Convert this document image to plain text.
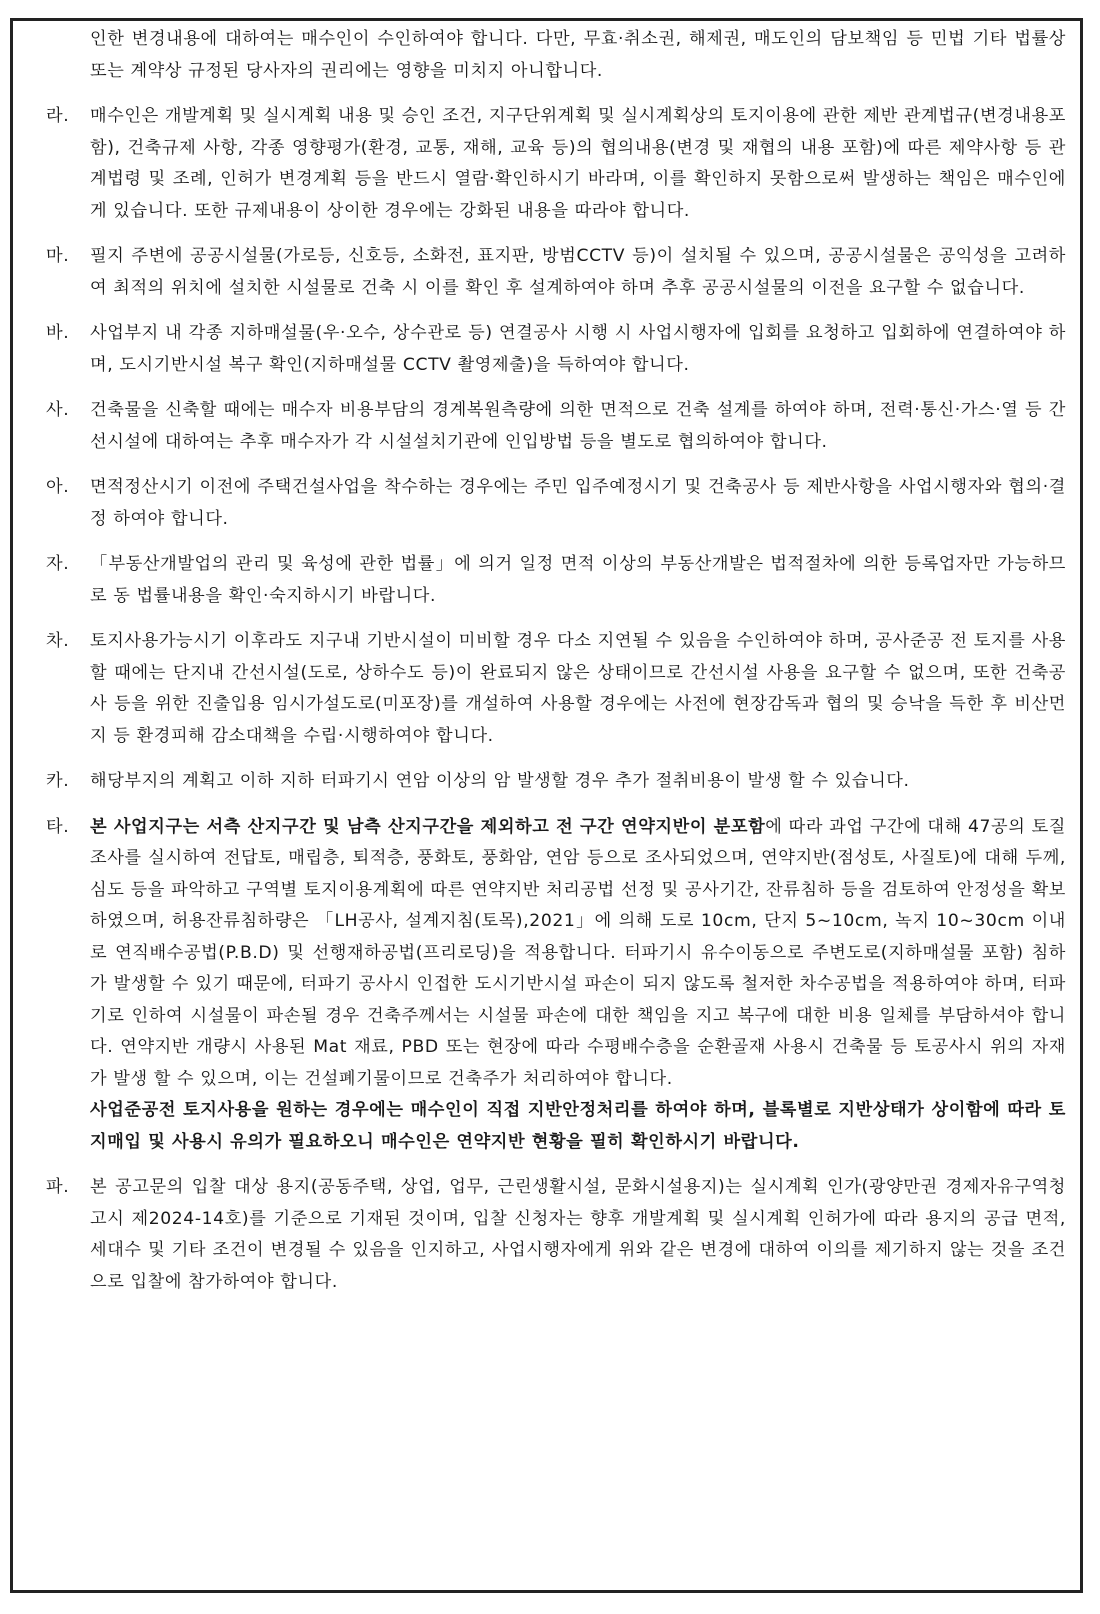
인한 변경내용에 대하여는 매수인이 수인하여야 합니다. 다만, 무효·취소권, 해제권, 매도인의 담보책임 등 민법 기타 법률상 또는 계약상 규정된 당사자의 권리에는 영향을 미치지 아니합니다.
라.	매수인은 개발계획 및 실시계획 내용 및 승인 조건, 지구단위계획 및 실시계획상의 토지이용에 관한 제반 관계법규(변경내용포함), 건축규제 사항, 각종 영향평가(환경, 교통, 재해, 교육 등)의 협의내용(변경 및 재협의 내용 포함)에 따른 제약사항 등 관계법령 및 조례, 인허가 변경계획 등을 반드시 열람·확인하시기 바라며, 이를 확인하지 못함으로써 발생하는 책임은 매수인에게 있습니다. 또한 규제내용이 상이한 경우에는 강화된 내용을 따라야 합니다.
마.	필지 주변에 공공시설물(가로등, 신호등, 소화전, 표지판, 방범CCTV 등)이 설치될 수 있으며, 공공시설물은 공익성을 고려하여 최적의 위치에 설치한 시설물로 건축 시 이를 확인 후 설계하여야 하며 추후 공공시설물의 이전을 요구할 수 없습니다.
바.	사업부지 내 각종 지하매설물(우·오수, 상수관로 등) 연결공사 시행 시 사업시행자에 입회를 요청하고 입회하에 연결하여야 하며, 도시기반시설 복구 확인(지하매설물 CCTV 촬영제출)을 득하여야 합니다.
사.	건축물을 신축할 때에는 매수자 비용부담의 경계복원측량에 의한 면적으로 건축 설계를 하여야 하며, 전력·통신·가스·열 등 간선시설에 대하여는 추후 매수자가 각 시설설치기관에 인입방법 등을 별도로 협의하여야 합니다.
아.	면적정산시기 이전에 주택건설사업을 착수하는 경우에는 주민 입주예정시기 및 건축공사 등 제반사항을 사업시행자와 협의·결정 하여야 합니다.
자.	「부동산개발업의 관리 및 육성에 관한 법률」에 의거 일정 면적 이상의 부동산개발은 법적절차에 의한 등록업자만 가능하므로 동 법률내용을 확인·숙지하시기 바랍니다.
차.	토지사용가능시기 이후라도 지구내 기반시설이 미비할 경우 다소 지연될 수 있음을 수인하여야 하며, 공사준공 전 토지를 사용할 때에는 단지내 간선시설(도로, 상하수도 등)이 완료되지 않은 상태이므로 간선시설 사용을 요구할 수 없으며, 또한 건축공사 등을 위한 진출입용 임시가설도로(미포장)를 개설하여 사용할 경우에는 사전에 현장감독과 협의 및 승낙을 득한 후 비산먼지 등 환경피해 감소대책을 수립·시행하여야 합니다.
카.	해당부지의 계획고 이하 지하 터파기시 연암 이상의 암 발생할 경우 추가 절취비용이 발생 할 수 있습니다.
타.	본 사업지구는 서측 산지구간 및 남측 산지구간을 제외하고 전 구간 연약지반이 분포함에 따라 과업 구간에 대해 47공의 토질조사를 실시하여 전답토, 매립층, 퇴적층, 풍화토, 풍화암, 연암 등으로 조사되었으며, 연약지반(점성토, 사질토)에 대해 두께, 심도 등을 파악하고 구역별 토지이용계획에 따른 연약지반 처리공법 선정 및 공사기간, 잔류침하 등을 검토하여 안정성을 확보하였으며, 허용잔류침하량은 「LH공사, 설계지침(토목),2021」에 의해 도로 10cm, 단지 5~10cm, 녹지 10~30cm 이내로 연직배수공법(P.B.D) 및 선행재하공법(프리로딩)을 적용합니다. 터파기시 유수이동으로 주변도로(지하매설물 포함) 침하가 발생할 수 있기 때문에, 터파기 공사시 인접한 도시기반시설 파손이 되지 않도록 철저한 차수공법을 적용하여야 하며, 터파기로 인하여 시설물이 파손될 경우 건축주께서는 시설물 파손에 대한 책임을 지고 복구에 대한 비용 일체를 부담하셔야 합니다. 연약지반 개량시 사용된 Mat 재료, PBD 또는 현장에 따라 수평배수층을 순환골재 사용시 건축물 등 토공사시 위의 자재가 발생 할 수 있으며, 이는 건설폐기물이므로 건축주가 처리하여야 합니다.
사업준공전 토지사용을 원하는 경우에는 매수인이 직접 지반안정처리를 하여야 하며, 블록별로 지반상태가 상이함에 따라 토지매입 및 사용시 유의가 필요하오니 매수인은 연약지반 현황을 필히 확인하시기 바랍니다.
파.	본 공고문의 입찰 대상 용지(공동주택, 상업, 업무, 근린생활시설, 문화시설용지)는 실시계획 인가(광양만권 경제자유구역청 고시 제2024-14호)를 기준으로 기재된 것이며, 입찰 신청자는 향후 개발계획 및 실시계획 인허가에 따라 용지의 공급 면적, 세대수 및 기타 조건이 변경될 수 있음을 인지하고, 사업시행자에게 위와 같은 변경에 대하여 이의를 제기하지 않는 것을 조건으로 입찰에 참가하여야 합니다.
